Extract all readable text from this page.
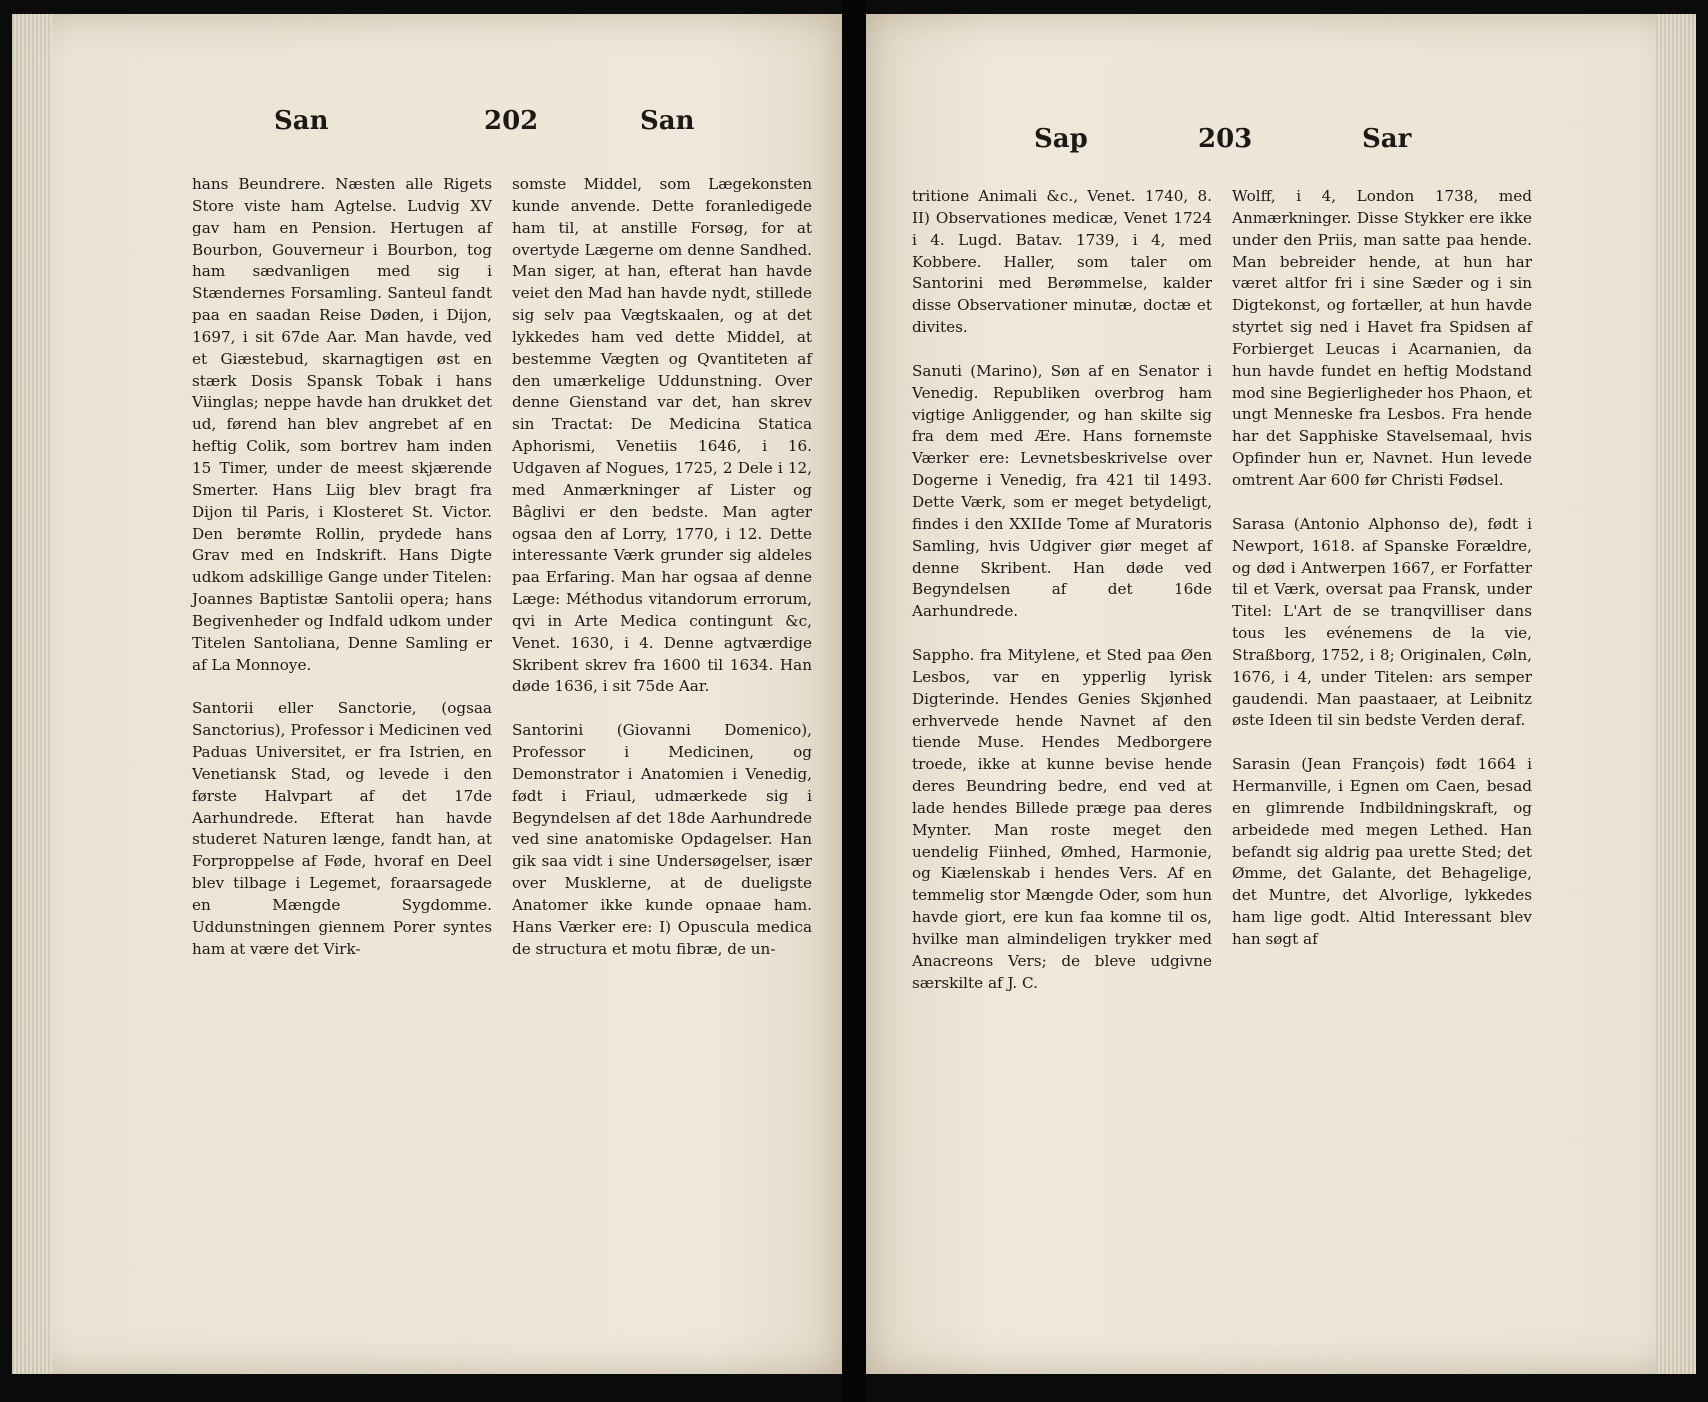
San	202	San

hans Beundrere. Næsten alle Rigets Store viste ham Agtelse. Ludvig XV gav ham en Pension. Hertugen af Bourbon, Gouverneur i Bourbon, tog ham sædvanligen med sig i Stændernes Forsamling. Santeul fandt paa en saadan Reise Døden, i Dijon, 1697, i sit 67de Aar. Man havde, ved et Giæstebud, skarnagtigen øst en stærk Dosis Spansk Tobak i hans Viinglas; neppe havde han drukket det ud, førend han blev angrebet af en heftig Colik, som bortrev ham inden 15 Timer, under de meest skjærende Smerter. Hans Liig blev bragt fra Dijon til Paris, i Klosteret St. Victor. Den berømte Rollin, prydede hans Grav med en Indskrift. Hans Digte udkom adskillige Gange under Titelen: Joannes Baptistæ Santolii opera; hans Begivenheder og Indfald udkom under Titelen Santoliana, Denne Samling er af La Monnoye.

Santorii eller Sanctorie, (ogsaa Sanctorius), Professor i Medicinen ved Paduas Universitet, er fra Istrien, en Venetiansk Stad, og levede i den første Halvpart af det 17de Aarhundrede. Efterat han havde studeret Naturen længe, fandt han, at Forproppelse af Føde, hvoraf en Deel blev tilbage i Legemet, foraarsagede en Mængde Sygdomme. Uddunstningen giennem Porer syntes ham at være det Virk-

somste Middel, som Lægekonsten kunde anvende. Dette foranledigede ham til, at anstille Forsøg, for at overtyde Lægerne om denne Sandhed. Man siger, at han, efterat han havde veiet den Mad han havde nydt, stillede sig selv paa Vægtskaalen, og at det lykkedes ham ved dette Middel, at bestemme Vægten og Qvantiteten af den umærkelige Uddunstning. Over denne Gienstand var det, han skrev sin Tractat: De Medicina Statica Aphorismi, Venetiis 1646, i 16. Udgaven af Nogues, 1725, 2 Dele i 12, med Anmærkninger af Lister og Bâglivi er den bedste. Man agter ogsaa den af Lorry, 1770, i 12. Dette interessante Værk grunder sig aldeles paa Erfaring. Man har ogsaa af denne Læge: Méthodus vitandorum errorum, qvi in Arte Medica contingunt &c, Venet. 1630, i 4. Denne agtværdige Skribent skrev fra 1600 til 1634. Han døde 1636, i sit 75de Aar.

Santorini (Giovanni Domenico), Professor i Medicinen, og Demonstrator i Anatomien i Venedig, født i Friaul, udmærkede sig i Begyndelsen af det 18de Aarhundrede ved sine anatomiske Opdagelser. Han gik saa vidt i sine Undersøgelser, især over Musklerne, at de dueligste Anatomer ikke kunde opnaae ham. Hans Værker ere: I) Opuscula medica de structura et motu fibræ, de un-

Sap	203	Sar

tritione Animali &c., Venet. 1740, 8. II) Observationes medicæ, Venet 1724 i 4. Lugd. Batav. 1739, i 4, med Kobbere. Haller, som taler om Santorini med Berømmelse, kalder disse Observationer minutæ, doctæ et divites.

Sanuti (Marino), Søn af en Senator i Venedig. Republiken overbrog ham vigtige Anliggender, og han skilte sig fra dem med Ære. Hans fornemste Værker ere: Levnetsbeskrivelse over Dogerne i Venedig, fra 421 til 1493. Dette Værk, som er meget betydeligt, findes i den XXIIde Tome af Muratoris Samling, hvis Udgiver giør meget af denne Skribent. Han døde ved Begyndelsen af det 16de Aarhundrede.

Sappho. fra Mitylene, et Sted paa Øen Lesbos, var en ypperlig lyrisk Digterinde. Hendes Genies Skjønhed erhvervede hende Navnet af den tiende Muse. Hendes Medborgere troede, ikke at kunne bevise hende deres Beundring bedre, end ved at lade hendes Billede præge paa deres Mynter. Man roste meget den uendelig Fiinhed, Ømhed, Harmonie, og Kiælenskab i hendes Vers. Af en temmelig stor Mængde Oder, som hun havde giort, ere kun faa komne til os, hvilke man almindeligen trykker med Anacreons Vers; de bleve udgivne særskilte af J. C.

Wolff, i 4, London 1738, med Anmærkninger. Disse Stykker ere ikke under den Priis, man satte paa hende. Man bebreider hende, at hun har været altfor fri i sine Sæder og i sin Digtekonst, og fortæller, at hun havde styrtet sig ned i Havet fra Spidsen af Forbierget Leucas i Acarnanien, da hun havde fundet en heftig Modstand mod sine Begierligheder hos Phaon, et ungt Menneske fra Lesbos. Fra hende har det Sapphiske Stavelsemaal, hvis Opfinder hun er, Navnet. Hun levede omtrent Aar 600 før Christi Fødsel.

Sarasa (Antonio Alphonso de), født i Newport, 1618. af Spanske Forældre, og død i Antwerpen 1667, er Forfatter til et Værk, oversat paa Fransk, under Titel: L'Art de se tranqvilliser dans tous les evénemens de la vie, Straßborg, 1752, i 8; Originalen, Cøln, 1676, i 4, under Titelen: ars semper gaudendi. Man paastaaer, at Leibnitz øste Ideen til sin bedste Verden deraf.

Sarasin (Jean François) født 1664 i Hermanville, i Egnen om Caen, besad en glimrende Indbildningskraft, og arbeidede med megen Lethed. Han befandt sig aldrig paa urette Sted; det Ømme, det Galante, det Behagelige, det Muntre, det Alvorlige, lykkedes ham lige godt. Altid Interessant blev han søgt af
